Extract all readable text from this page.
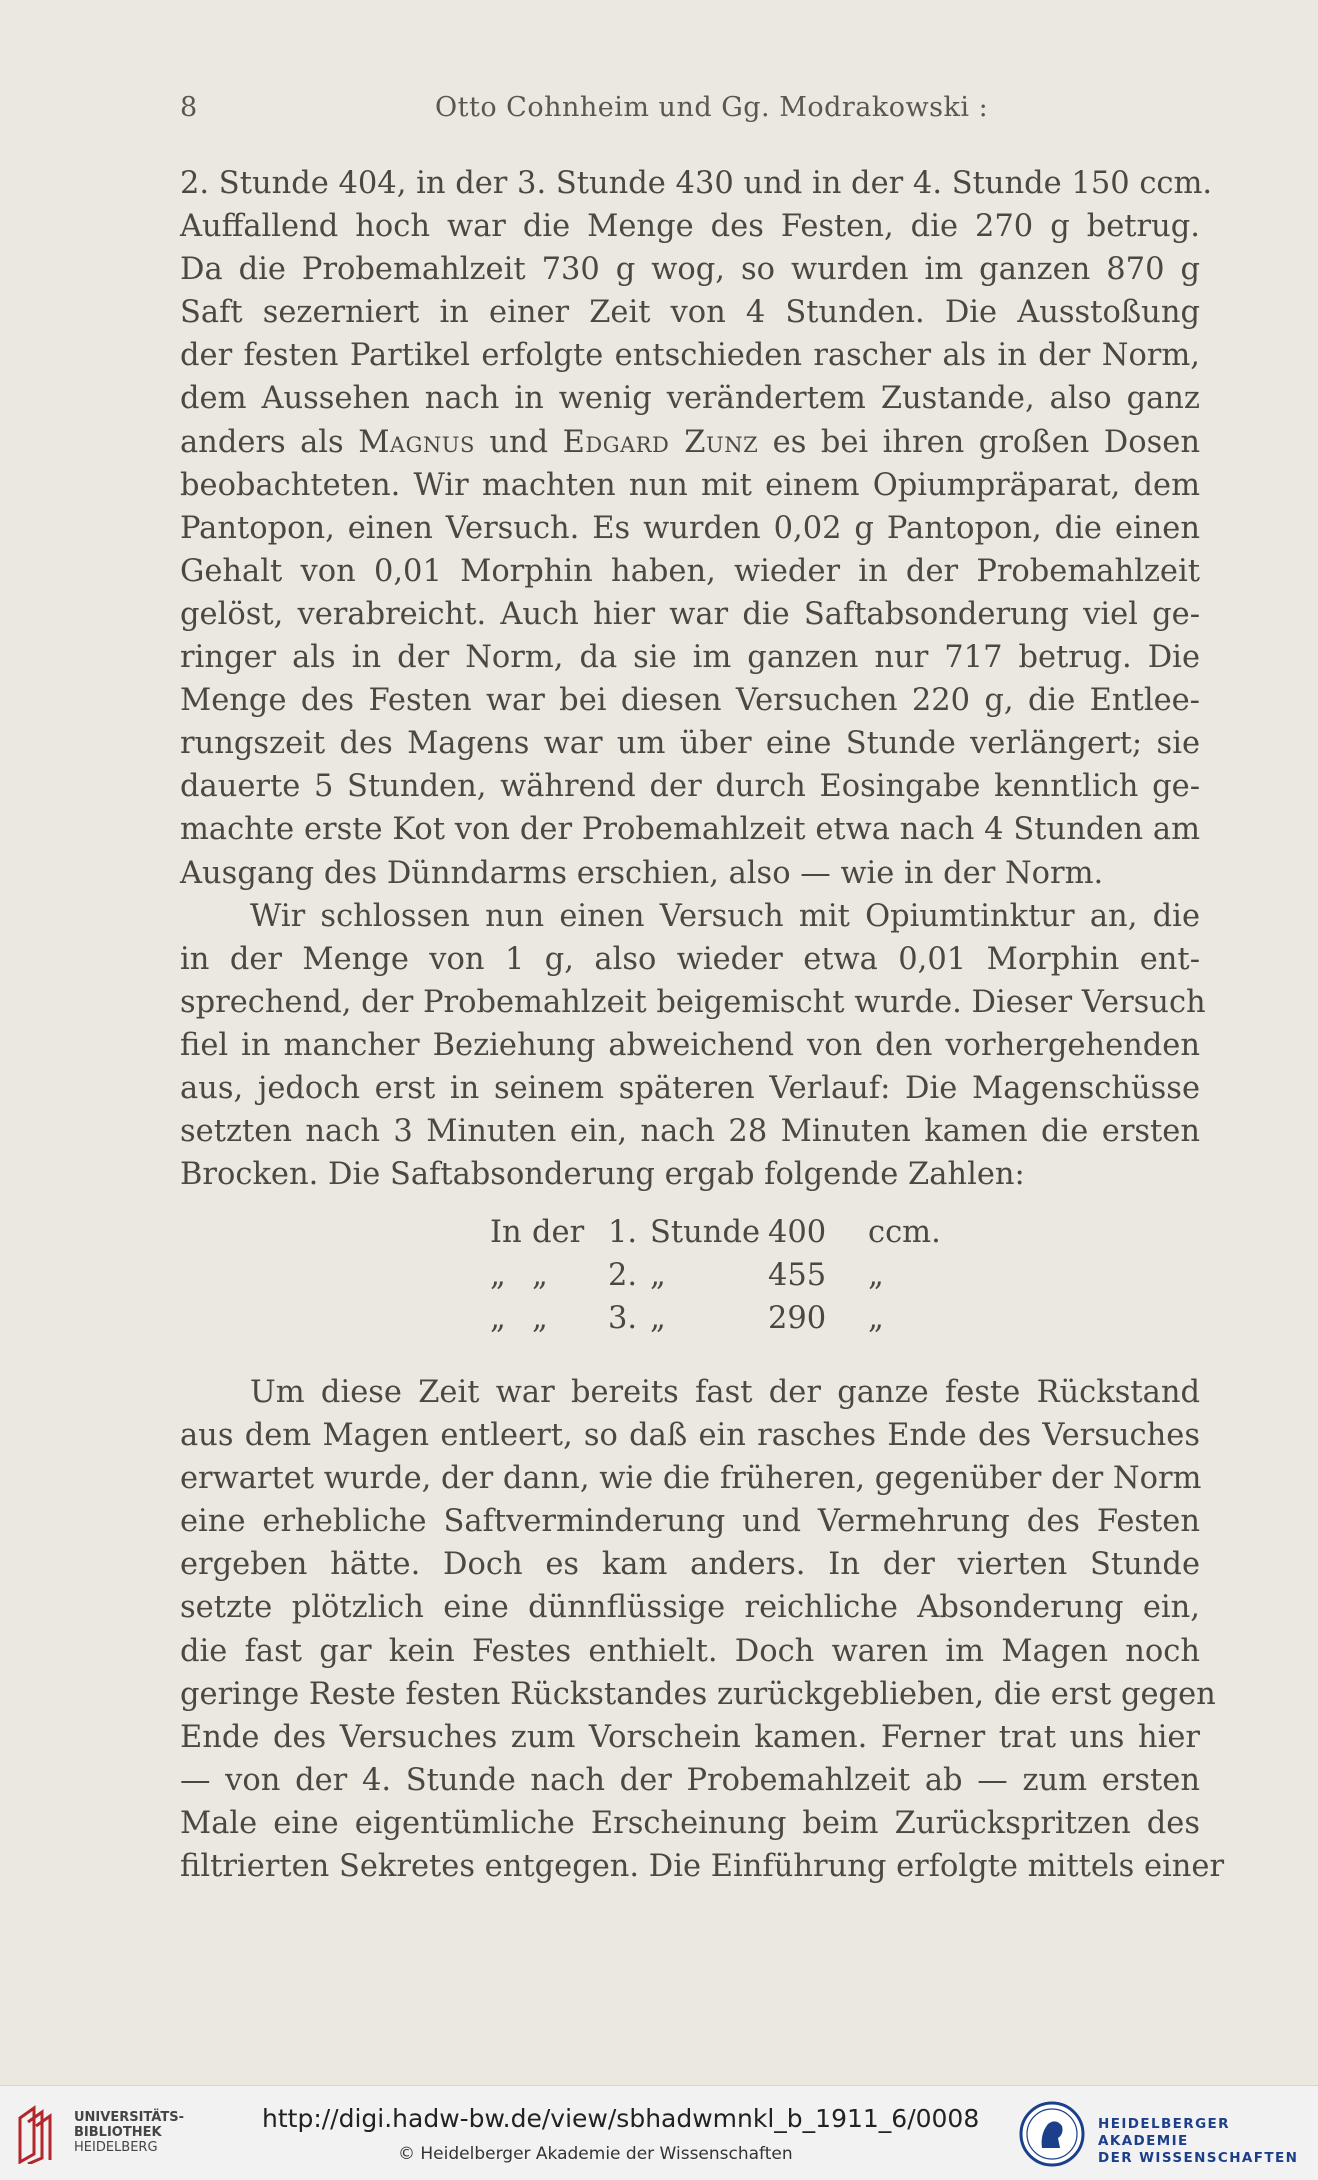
8	Otto Cohnheim und Gg. Modrakowski :
2. Stunde 404, in der 3. Stunde 430 und in der 4. Stunde 150 ccm.
Auffallend hoch war die Menge des Festen, die 270 g betrug.
Da die Probemahlzeit 730 g wog, so wurden im ganzen 870 g
Saft sezerniert in einer Zeit von 4 Stunden. Die Ausstoßung
der festen Partikel erfolgte entschieden rascher als in der Norm,
dem Aussehen nach in wenig verändertem Zustande, also ganz
anders als Magnus und Edgard Zunz es bei ihren großen Dosen
beobachteten. Wir machten nun mit einem Opiumpräparat, dem
Pantopon, einen Versuch. Es wurden 0,02 g Pantopon, die einen
Gehalt von 0,01 Morphin haben, wieder in der Probemahlzeit
gelöst, verabreicht. Auch hier war die Saftabsonderung viel ge-
ringer als in der Norm, da sie im ganzen nur 717 betrug. Die
Menge des Festen war bei diesen Versuchen 220 g, die Entlee-
rungszeit des Magens war um über eine Stunde verlängert; sie
dauerte 5 Stunden, während der durch Eosingabe kenntlich ge-
machte erste Kot von der Probemahlzeit etwa nach 4 Stunden am
Ausgang des Dünndarms erschien, also — wie in der Norm.
Wir schlossen nun einen Versuch mit Opiumtinktur an, die
in der Menge von 1 g, also wieder etwa 0,01 Morphin ent-
sprechend, der Probemahlzeit beigemischt wurde. Dieser Versuch
fiel in mancher Beziehung abweichend von den vorhergehenden
aus, jedoch erst in seinem späteren Verlauf: Die Magenschüsse
setzten nach 3 Minuten ein, nach 28 Minuten kamen die ersten
Brocken. Die Saftabsonderung ergab folgende Zahlen:
In der 1. Stunde 400 ccm.
„ „ 2. „	455 „
„ „ 3. „	290 „
Um diese Zeit war bereits fast der ganze feste Rückstand
aus dem Magen entleert, so daß ein rasches Ende des Versuches
erwartet wurde, der dann, wie die früheren, gegenüber der Norm
eine erhebliche Saftverminderung und Vermehrung des Festen
ergeben hätte. Doch es kam anders. In der vierten Stunde
setzte plötzlich eine dünnflüssige reichliche Absonderung ein,
die fast gar kein Festes enthielt. Doch waren im Magen noch
geringe Reste festen Rückstandes zurückgeblieben, die erst gegen
Ende des Versuches zum Vorschein kamen. Ferner trat uns hier
— von der 4. Stunde nach der Probemahlzeit ab — zum ersten
Male eine eigentümliche Erscheinung beim Zurückspritzen des
filtrierten Sekretes entgegen. Die Einführung erfolgte mittels einer
UNIVERSITÄTS-
BIBLIOTHEK
HEIDELBERG
http://digi.hadw-bw.de/view/sbhadwmnkl_b_1911_6/0008
© Heidelberger Akademie der Wissenschaften
HEIDELBERGER AKADEMIE
DER WISSENSCHAFTEN
